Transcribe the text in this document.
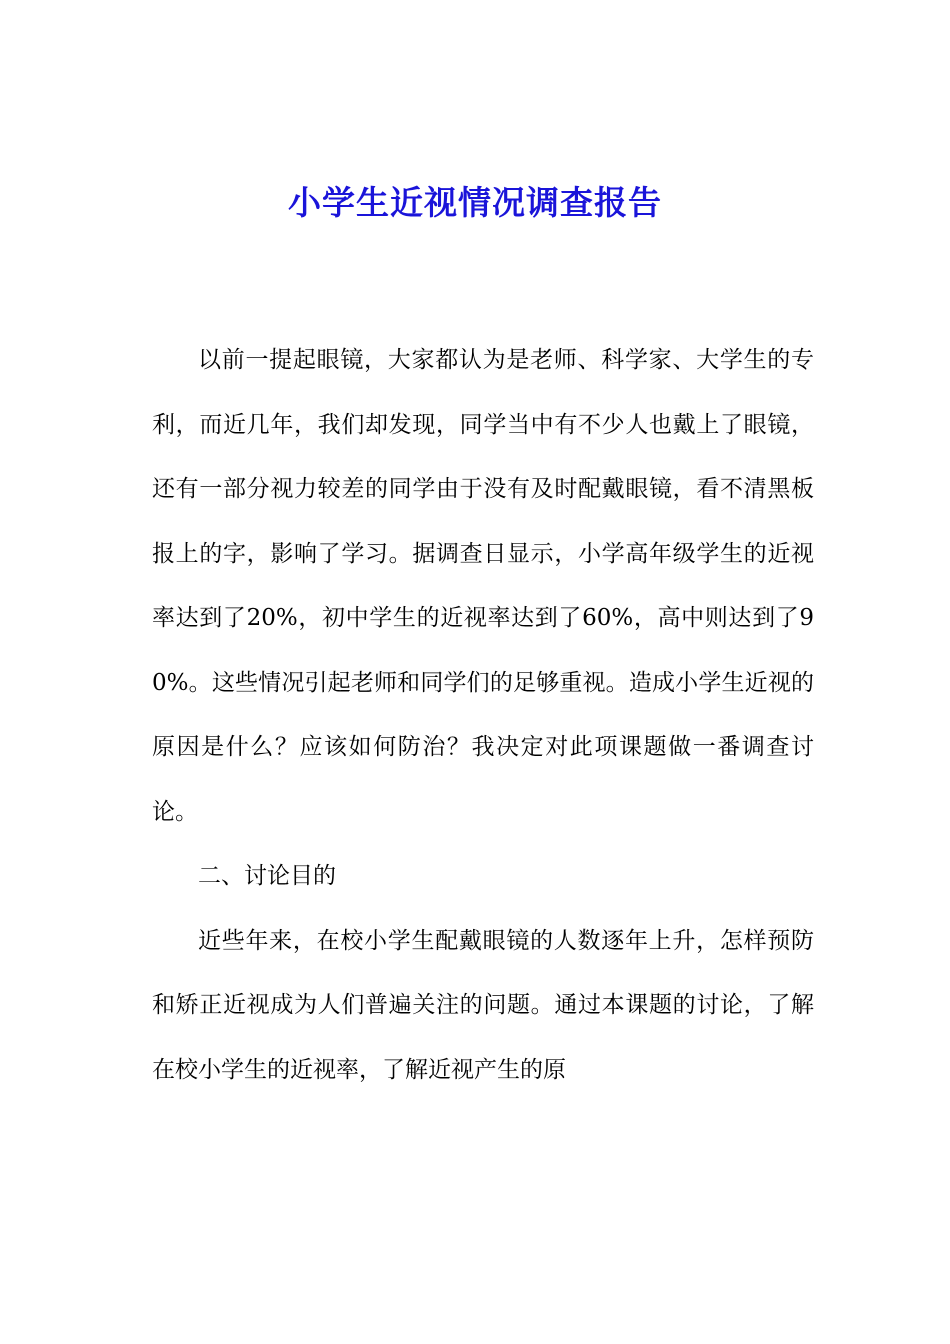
小学生近视情况调查报告

以前一提起眼镜，大家都认为是老师、科学家、大学生的专利，而近几年，我们却发现，同学当中有不少人也戴上了眼镜，还有一部分视力较差的同学由于没有及时配戴眼镜，看不清黑板报上的字，影响了学习。据调查日显示，小学高年级学生的近视率达到了20%，初中学生的近视率达到了60%，高中则达到了90%。这些情况引起老师和同学们的足够重视。造成小学生近视的原因是什么？应该如何防治？我决定对此项课题做一番调查讨论。

二、讨论目的

近些年来，在校小学生配戴眼镜的人数逐年上升，怎样预防和矫正近视成为人们普遍关注的问题。通过本课题的讨论，了解在校小学生的近视率，了解近视产生的原
